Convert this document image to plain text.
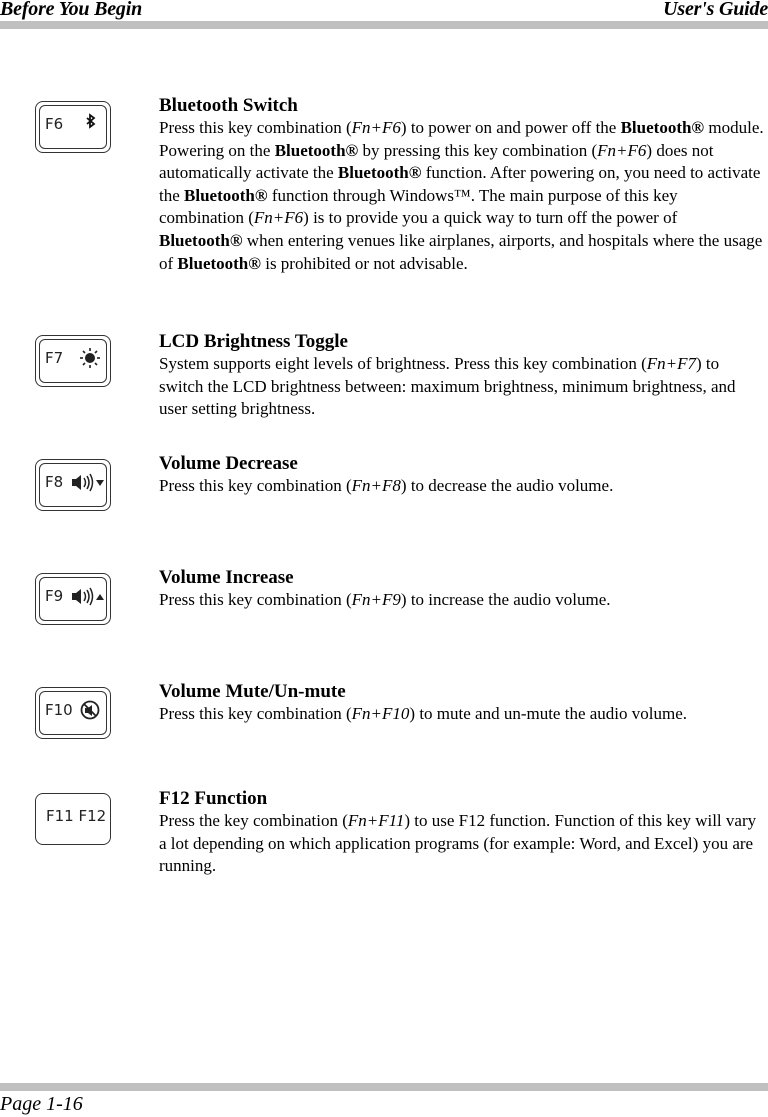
Before You Begin	User's Guide
F6
Bluetooth Switch

Press this key combination (Fn+F6) to power on and power off the Bluetooth® module. Powering on the Bluetooth® by pressing this key combination (Fn+F6) does not automatically activate the Bluetooth® function. After powering on, you need to activate the Bluetooth® function through Windows™. The main purpose of this key combination (Fn+F6) is to provide you a quick way to turn off the power of Bluetooth® when entering venues like airplanes, airports, and hospitals where the usage of Bluetooth® is prohibited or not advisable.

F7
LCD Brightness Toggle

System supports eight levels of brightness. Press this key combination (Fn+F7) to switch the LCD brightness between: maximum brightness, minimum brightness, and user setting brightness.

F8
Volume Decrease

Press this key combination (Fn+F8) to decrease the audio volume.

F9
Volume Increase

Press this key combination (Fn+F9) to increase the audio volume.

F10
Volume Mute/Un-mute

Press this key combination (Fn+F10) to mute and un-mute the audio volume.

F11 F12
F12 Function

Press the key combination (Fn+F11) to use F12 function. Function of this key will vary a lot depending on which application programs (for example: Word, and Excel) you are running.

Page 1-16
